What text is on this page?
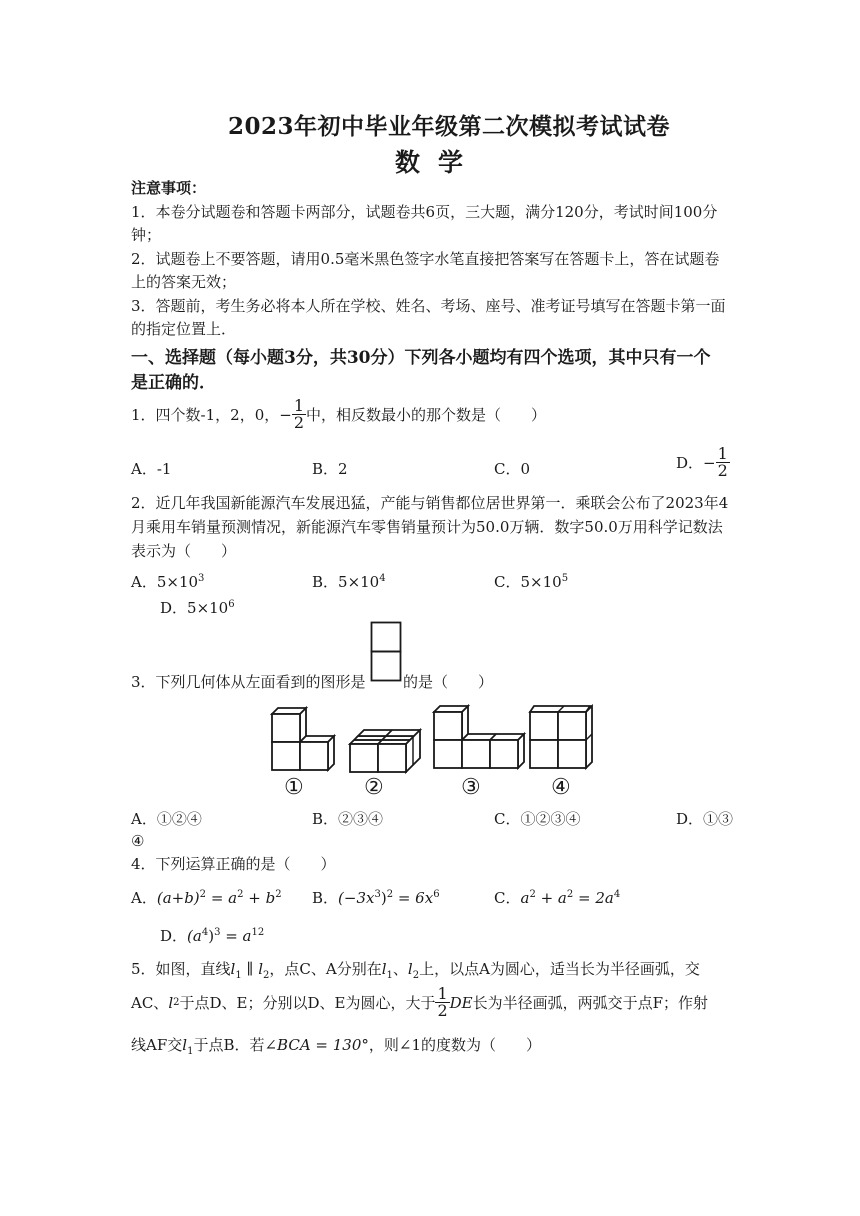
2023年初中毕业年级第二次模拟考试试卷
数学
注意事项：
1．本卷分试题卷和答题卡两部分，试题卷共6页，三大题，满分120分，考试时间100分
钟；
2．试题卷上不要答题，请用0.5毫米黑色签字水笔直接把答案写在答题卡上，答在试题卷
上的答案无效；
3．答题前，考生务必将本人所在学校、姓名、考场、座号、准考证号填写在答题卡第一面
的指定位置上．
一、选择题（每小题3分，共30分）下列各小题均有四个选项，其中只有一个
是正确的．
1．四个数-1，2，0，− $\frac{1}{2}$ 中，相反数最小的那个数是（　　）
A．-1	B．2	C．0	D．− $\frac{1}{2}$
2．近几年我国新能源汽车发展迅猛，产能与销售都位居世界第一．乘联会公布了2023年4
月乘用车销量预测情况，新能源汽车零售销量预计为50.0万辆．数字50.0万用科学记数法
表示为（　　）
A．$5\times 10^3$	B．$5\times 10^4$	C．$5\times 10^5$
D．$5\times 10^6$
3．下列几何体从左面看到的图形是 的是（　　）
①	②	③	④
A．①②④	B．②③④	C．①②③④	D．①③
④
4．下列运算正确的是（　　）
A．$(a+b)^2 = a^2 + b^2$ B．$(-3x^3)^2 = 6x^6$	C．$a^2 + a^2 = 2a^4$
D．$(a^4)^3 = a^{12}$
5．如图，直线$l_1$ ∥ $l_2$，点C、A分别在$l_1$、$l_2$上，以点A为圆心，适当长为半径画弧，交
AC、 l 2 于点D、E；分别以D、E为圆心，大于 $\frac{1}{2}$ DE 长为半径画弧，两弧交于点F；作射
线AF交$l_1$于点B．若∠BCA = 130°，则∠1的度数为（　　）
